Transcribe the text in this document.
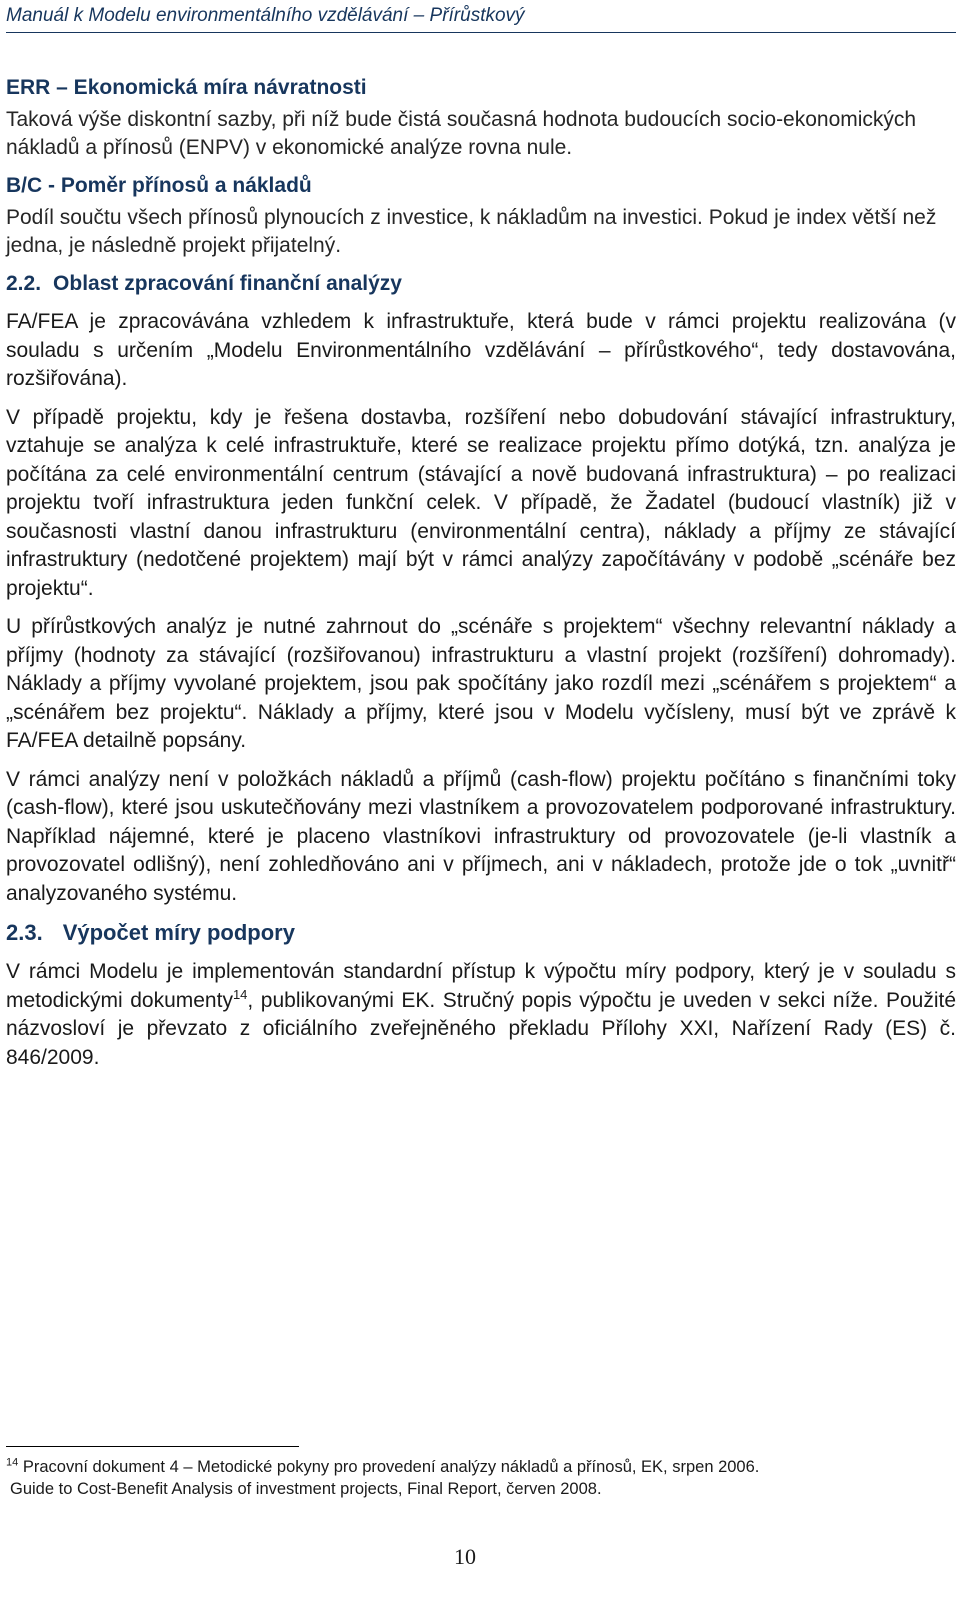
Manuál k Modelu environmentálního vzdělávání – Přírůstkový

ERR – Ekonomická míra návratnosti

Taková výše diskontní sazby, při níž bude čistá současná hodnota budoucích socio-ekonomických nákladů a přínosů (ENPV) v ekonomické analýze rovna nule.

B/C - Poměr přínosů a nákladů

Podíl součtu všech přínosů plynoucích z investice, k nákladům na investici. Pokud je index větší než jedna, je následně projekt přijatelný.

2.2. Oblast zpracování finanční analýzy

FA/FEA je zpracovávána vzhledem k infrastruktuře, která bude v rámci projektu realizována (v souladu s určením „Modelu Environmentálního vzdělávání – přírůstkového“, tedy dostavována, rozšiřována).

V případě projektu, kdy je řešena dostavba, rozšíření nebo dobudování stávající infrastruktury, vztahuje se analýza k celé infrastruktuře, které se realizace projektu přímo dotýká, tzn. analýza je počítána za celé environmentální centrum (stávající a nově budovaná infrastruktura) – po realizaci projektu tvoří infrastruktura jeden funkční celek. V případě, že Žadatel (budoucí vlastník) již v současnosti vlastní danou infrastrukturu (environmentální centra), náklady a příjmy ze stávající infrastruktury (nedotčené projektem) mají být v rámci analýzy započítávány v podobě „scénáře bez projektu“.

U přírůstkových analýz je nutné zahrnout do „scénáře s projektem“ všechny relevantní náklady a příjmy (hodnoty za stávající (rozšiřovanou) infrastrukturu a vlastní projekt (rozšíření) dohromady). Náklady a příjmy vyvolané projektem, jsou pak spočítány jako rozdíl mezi „scénářem s projektem“ a „scénářem bez projektu“. Náklady a příjmy, které jsou v Modelu vyčísleny, musí být ve zprávě k FA/FEA detailně popsány.

V rámci analýzy není v položkách nákladů a příjmů (cash-flow) projektu počítáno s finančními toky (cash-flow), které jsou uskutečňovány mezi vlastníkem a provozovatelem podporované infrastruktury. Například nájemné, které je placeno vlastníkovi infrastruktury od provozovatele (je-li vlastník a provozovatel odlišný), není zohledňováno ani v příjmech, ani v nákladech, protože jde o tok „uvnitř“ analyzovaného systému.

2.3. Výpočet míry podpory

V rámci Modelu je implementován standardní přístup k výpočtu míry podpory, který je v souladu s metodickými dokumenty$^{14}$, publikovanými EK. Stručný popis výpočtu je uveden v sekci níže. Použité názvosloví je převzato z oficiálního zveřejněného překladu Přílohy XXI, Nařízení Rady (ES) č. 846/2009.

$^{14}$ Pracovní dokument 4 – Metodické pokyny pro provedení analýzy nákladů a přínosů, EK, srpen 2006.

Guide to Cost-Benefit Analysis of investment projects, Final Report, červen 2008.

10
